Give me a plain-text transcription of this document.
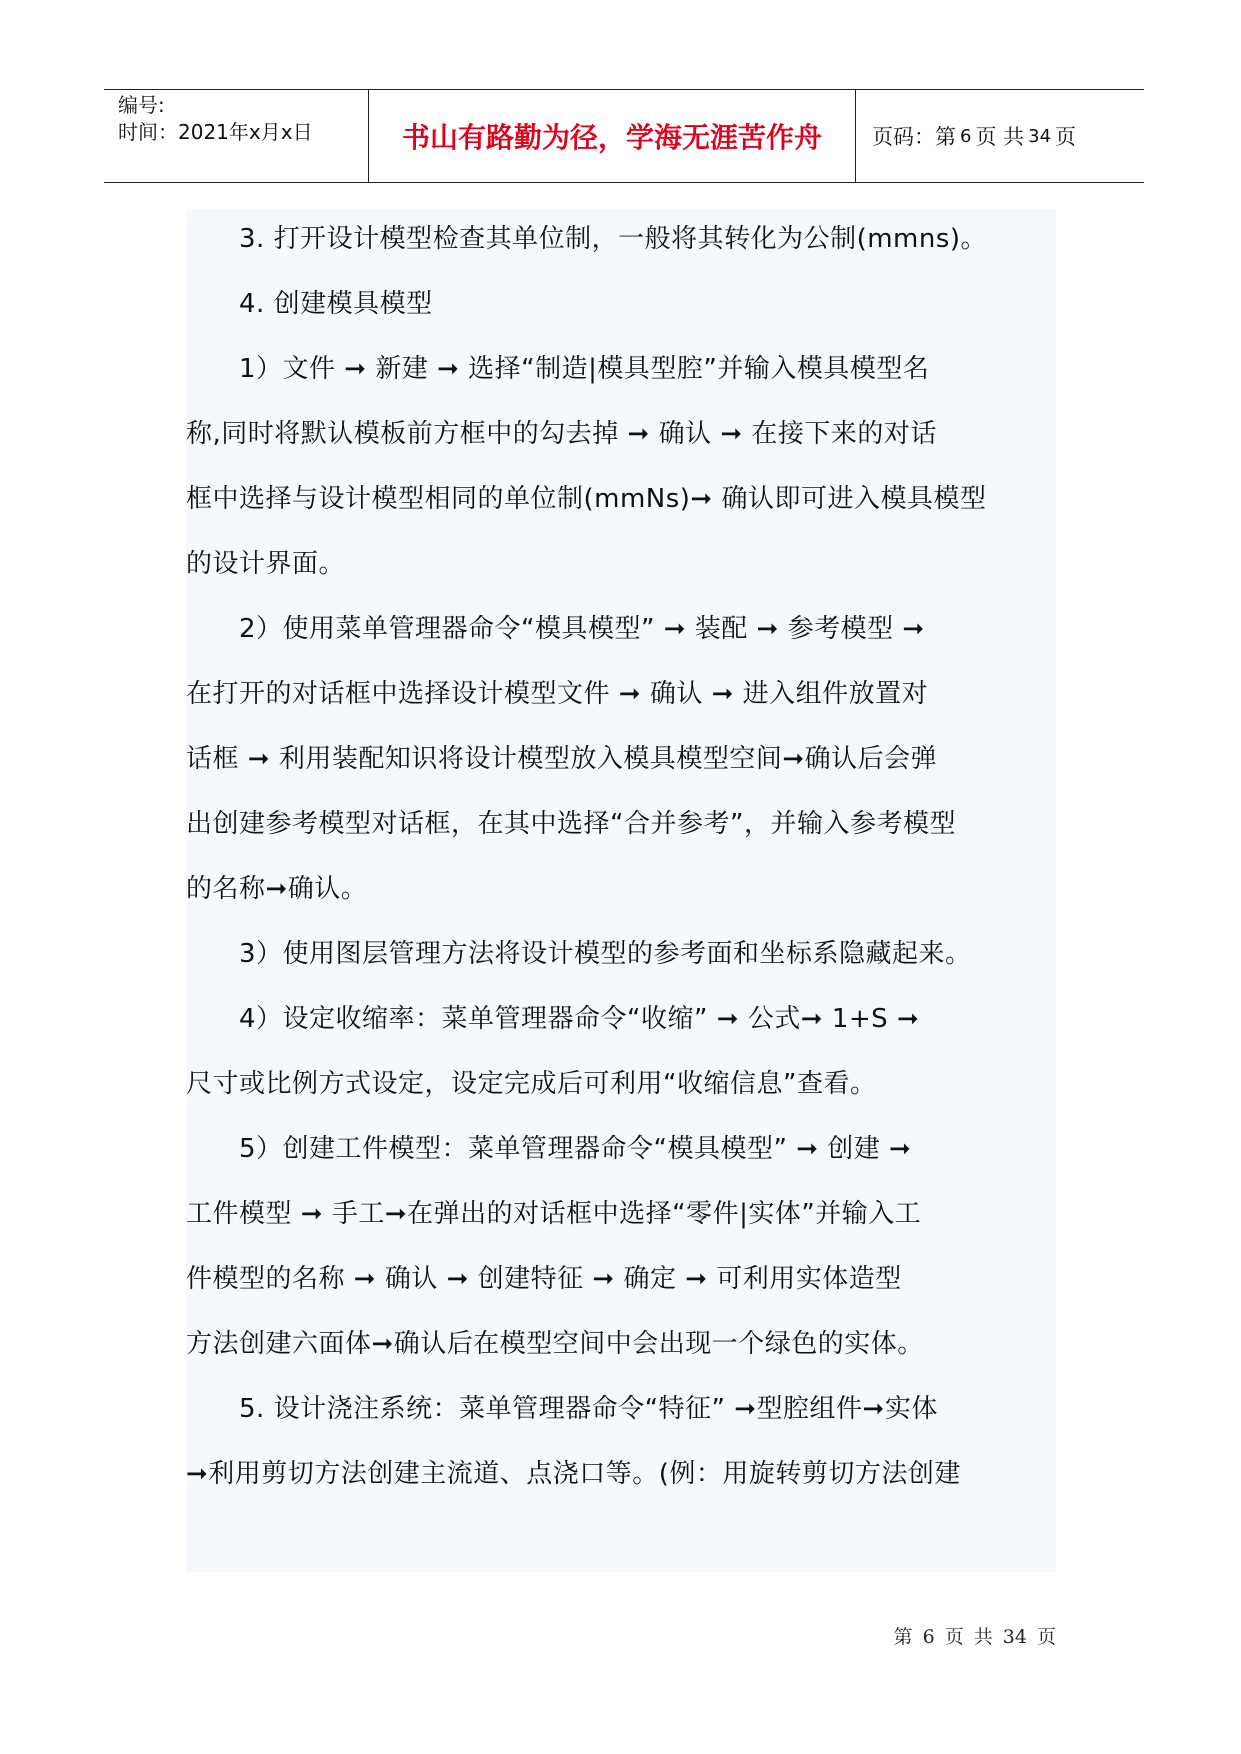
编号:
时间：2021年x月x日	书山有路勤为径，学海无涯苦作舟	页码：第 6 页 共 34 页
　　3. 打开设计模型检查其单位制，一般将其转化为公制(mmns)。
　　4. 创建模具模型
　　1）文件 ➞ 新建 ➞ 选择“制造|模具型腔”并输入模具模型名
称,同时将默认模板前方框中的勾去掉 ➞ 确认 ➞ 在接下来的对话
框中选择与设计模型相同的单位制(mmNs)➞ 确认即可进入模具模型
的设计界面。
　　2）使用菜单管理器命令“模具模型” ➞ 装配 ➞ 参考模型 ➞
在打开的对话框中选择设计模型文件 ➞ 确认 ➞ 进入组件放置对
话框 ➞ 利用装配知识将设计模型放入模具模型空间➞确认后会弹
出创建参考模型对话框，在其中选择“合并参考”，并输入参考模型
的名称➞确认。
　　3）使用图层管理方法将设计模型的参考面和坐标系隐藏起来。
　　4）设定收缩率：菜单管理器命令“收缩” ➞ 公式➞ 1+S ➞
尺寸或比例方式设定，设定完成后可利用“收缩信息”查看。
　　5）创建工件模型：菜单管理器命令“模具模型” ➞ 创建 ➞
工件模型 ➞ 手工➞在弹出的对话框中选择“零件|实体”并输入工
件模型的名称 ➞ 确认 ➞ 创建特征 ➞ 确定 ➞ 可利用实体造型
方法创建六面体➞确认后在模型空间中会出现一个绿色的实体。
　　5. 设计浇注系统：菜单管理器命令“特征” ➞型腔组件➞实体
➞利用剪切方法创建主流道、点浇口等。(例：用旋转剪切方法创建
第 6 页 共 34 页
